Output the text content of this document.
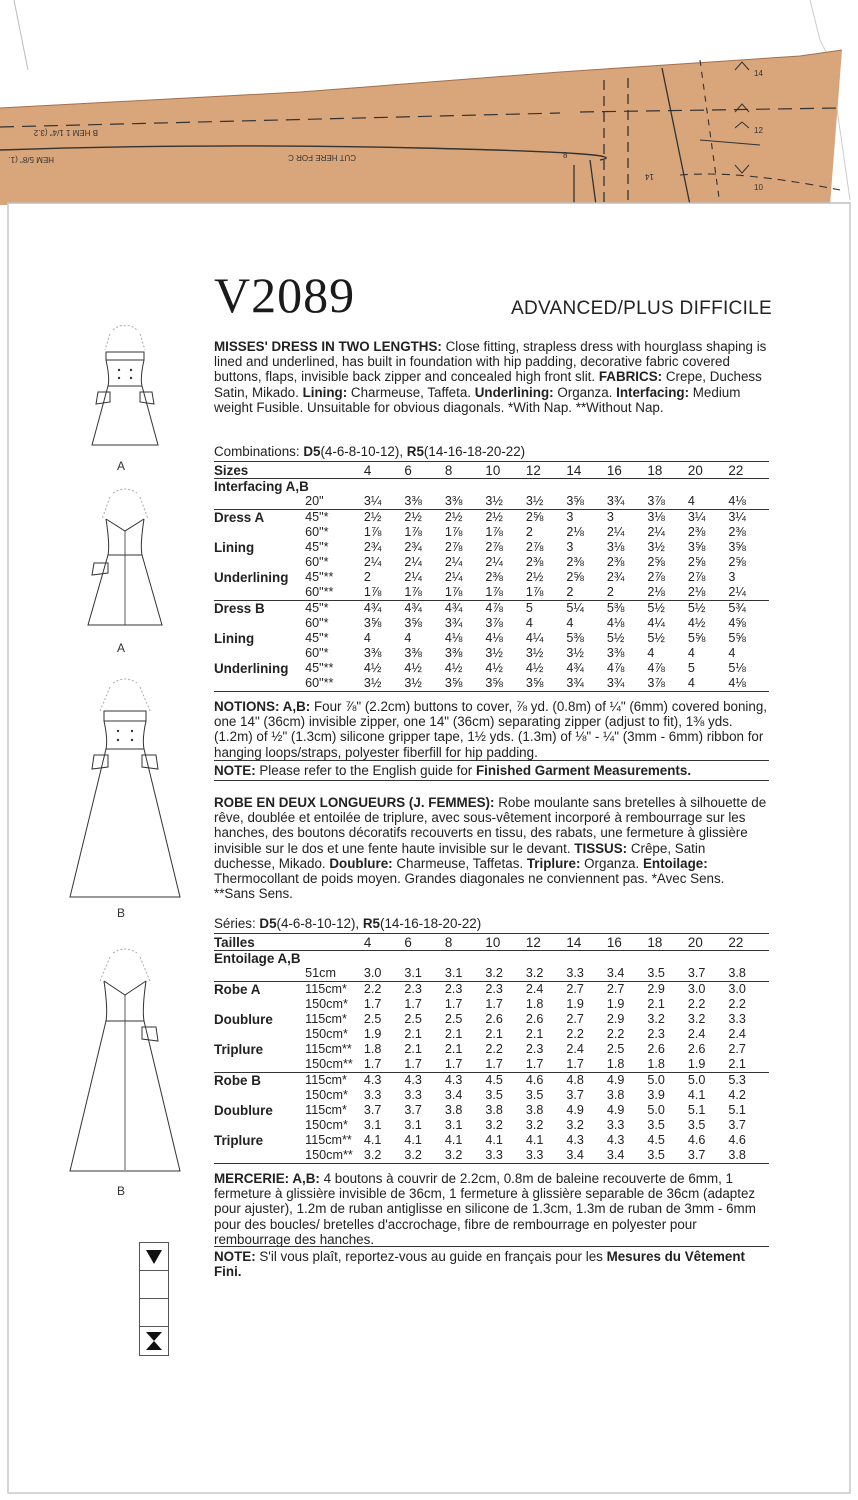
B HEM 1 1/4" (3.2
HEM 5/8" (1.	CUT HERE FOR C	8
14
14
12
10
V2089	ADVANCED/PLUS DIFFICILE
A
A
B
B
MISSES' DRESS IN TWO LENGTHS: Close fitting, strapless dress with hourglass shaping is lined and underlined, has built in foundation with hip padding, decorative fabric covered buttons, flaps, invisible back zipper and concealed high front slit. FABRICS: Crepe, Duchess Satin, Mikado. Lining: Charmeuse, Taffeta. Underlining: Organza. Interfacing: Medium weight Fusible. Unsuitable for obvious diagonals. *With Nap. **Without Nap.
Combinations: D5(4-6-8-10-12), R5(14-16-18-20-22)
Sizes		4	6	8	10	12	14	16	18	20	22
Interfacing A,B											
	20"	3¼	3⅜	3⅜	3½	3½	3⅝	3¾	3⅞	4	4⅛
Dress A	45"*	2½	2½	2½	2½	2⅝	3	3	3⅛	3¼	3¼
	60"*	1⅞	1⅞	1⅞	1⅞	2	2⅛	2¼	2¼	2⅜	2⅜
Lining	45"*	2¾	2¾	2⅞	2⅞	2⅞	3	3⅛	3½	3⅝	3⅝
	60"*	2¼	2¼	2¼	2¼	2⅜	2⅜	2⅜	2⅝	2⅝	2⅝
Underlining	45"**	2	2¼	2¼	2⅜	2½	2⅝	2¾	2⅞	2⅞	3
	60"**	1⅞	1⅞	1⅞	1⅞	1⅞	2	2	2⅛	2⅛	2¼
Dress B	45"*	4¾	4¾	4¾	4⅞	5	5¼	5⅜	5½	5½	5¾
	60"*	3⅝	3⅝	3¾	3⅞	4	4	4⅛	4¼	4½	4⅝
Lining	45"*	4	4	4⅛	4⅛	4¼	5⅜	5½	5½	5⅝	5⅝
	60"*	3⅜	3⅜	3⅜	3½	3½	3½	3⅜	4	4	4
Underlining	45"**	4½	4½	4½	4½	4½	4¾	4⅞	4⅞	5	5⅛
	60"**	3½	3½	3⅝	3⅝	3⅝	3¾	3¾	3⅞	4	4⅛
NOTIONS: A,B: Four ⅞" (2.2cm) buttons to cover, ⅞ yd. (0.8m) of ¼" (6mm) covered boning, one 14" (36cm) invisible zipper, one 14" (36cm) separating zipper (adjust to fit), 1⅜ yds. (1.2m) of ½" (1.3cm) silicone gripper tape, 1½ yds. (1.3m) of ⅛" - ¼" (3mm - 6mm) ribbon for hanging loops/straps, polyester fiberfill for hip padding.
NOTE: Please refer to the English guide for Finished Garment Measurements.
ROBE EN DEUX LONGUEURS (J. FEMMES): Robe moulante sans bretelles à silhouette de rêve, doublée et entoilée de triplure, avec sous-vêtement incorporé à rembourrage sur les hanches, des boutons décoratifs recouverts en tissu, des rabats, une fermeture à glissière invisible sur le dos et une fente haute invisible sur le devant. TISSUS: Crêpe, Satin duchesse, Mikado. Doublure: Charmeuse, Taffetas. Triplure: Organza. Entoilage: Thermocollant de poids moyen. Grandes diagonales ne conviennent pas. *Avec Sens. **Sans Sens.
Séries: D5(4-6-8-10-12), R5(14-16-18-20-22)
Tailles		4	6	8	10	12	14	16	18	20	22
Entoilage A,B											
	51cm	3.0	3.1	3.1	3.2	3.2	3.3	3.4	3.5	3.7	3.8
Robe A	115cm*	2.2	2.3	2.3	2.3	2.4	2.7	2.7	2.9	3.0	3.0
	150cm*	1.7	1.7	1.7	1.7	1.8	1.9	1.9	2.1	2.2	2.2
Doublure	115cm*	2.5	2.5	2.5	2.6	2.6	2.7	2.9	3.2	3.2	3.3
	150cm*	1.9	2.1	2.1	2.1	2.1	2.2	2.2	2.3	2.4	2.4
Triplure	115cm**	1.8	2.1	2.1	2.2	2.3	2.4	2.5	2.6	2.6	2.7
	150cm**	1.7	1.7	1.7	1.7	1.7	1.7	1.8	1.8	1.9	2.1
Robe B	115cm*	4.3	4.3	4.3	4.5	4.6	4.8	4.9	5.0	5.0	5.3
	150cm*	3.3	3.3	3.4	3.5	3.5	3.7	3.8	3.9	4.1	4.2
Doublure	115cm*	3.7	3.7	3.8	3.8	3.8	4.9	4.9	5.0	5.1	5.1
	150cm*	3.1	3.1	3.1	3.2	3.2	3.2	3.3	3.5	3.5	3.7
Triplure	115cm**	4.1	4.1	4.1	4.1	4.1	4.3	4.3	4.5	4.6	4.6
	150cm**	3.2	3.2	3.2	3.3	3.3	3.4	3.4	3.5	3.7	3.8
MERCERIE: A,B: 4 boutons à couvrir de 2.2cm, 0.8m de baleine recouverte de 6mm, 1 fermeture à glissière invisible de 36cm, 1 fermeture à glissière separable de 36cm (adaptez pour ajuster), 1.2m de ruban antiglisse en silicone de 1.3cm, 1.3m de ruban de 3mm - 6mm pour des boucles/ bretelles d'accrochage, fibre de rembourrage en polyester pour rembourrage des hanches.
NOTE: S'il vous plaît, reportez-vous au guide en français pour les Mesures du Vêtement Fini.
